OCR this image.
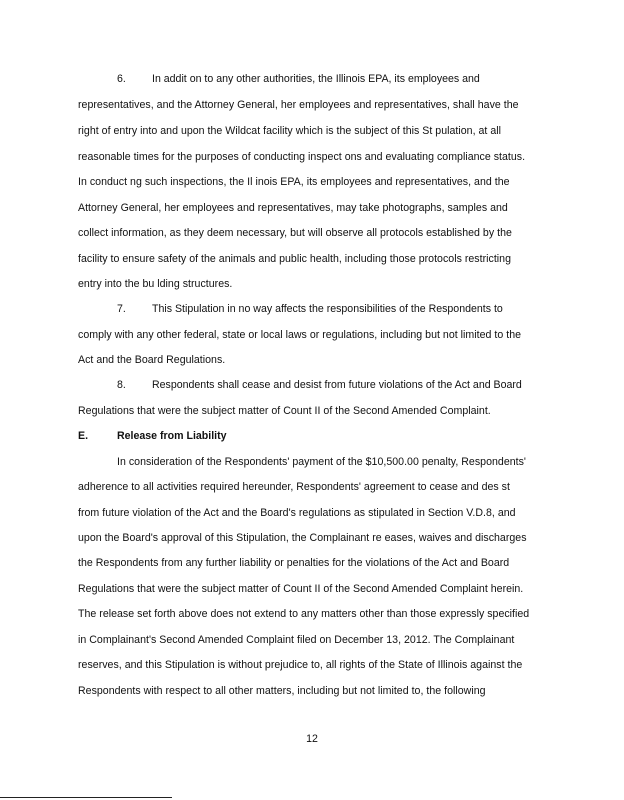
6. In addit on to any other authorities, the Illinois EPA, its employees and
representatives, and the Attorney General, her employees and representatives, shall have the
right of entry into and upon the Wildcat facility which is the subject of this St pulation, at all
reasonable times for the purposes of conducting inspect ons and evaluating compliance status.
In conduct ng such inspections, the Il inois EPA, its employees and representatives, and the
Attorney General, her employees and representatives, may take photographs, samples and
collect information, as they deem necessary, but will observe all protocols established by the
facility to ensure safety of the animals and public health, including those protocols restricting
entry into the bu lding structures.
7. This Stipulation in no way affects the responsibilities of the Respondents to
comply with any other federal, state or local laws or regulations, including but not limited to the
Act and the Board Regulations.
8. Respondents shall cease and desist from future violations of the Act and Board
Regulations that were the subject matter of Count II of the Second Amended Complaint.
E.	Release from Liability
In consideration of the Respondents' payment of the $10,500.00 penalty, Respondents'
adherence to all activities required hereunder, Respondents' agreement to cease and des st
from future violation of the Act and the Board's regulations as stipulated in Section V.D.8, and
upon the Board's approval of this Stipulation, the Complainant re eases, waives and discharges
the Respondents from any further liability or penalties for the violations of the Act and Board
Regulations that were the subject matter of Count II of the Second Amended Complaint herein.
The release set forth above does not extend to any matters other than those expressly specified
in Complainant's Second Amended Complaint filed on December 13, 2012. The Complainant
reserves, and this Stipulation is without prejudice to, all rights of the State of Illinois against the
Respondents with respect to all other matters, including but not limited to, the following
12
